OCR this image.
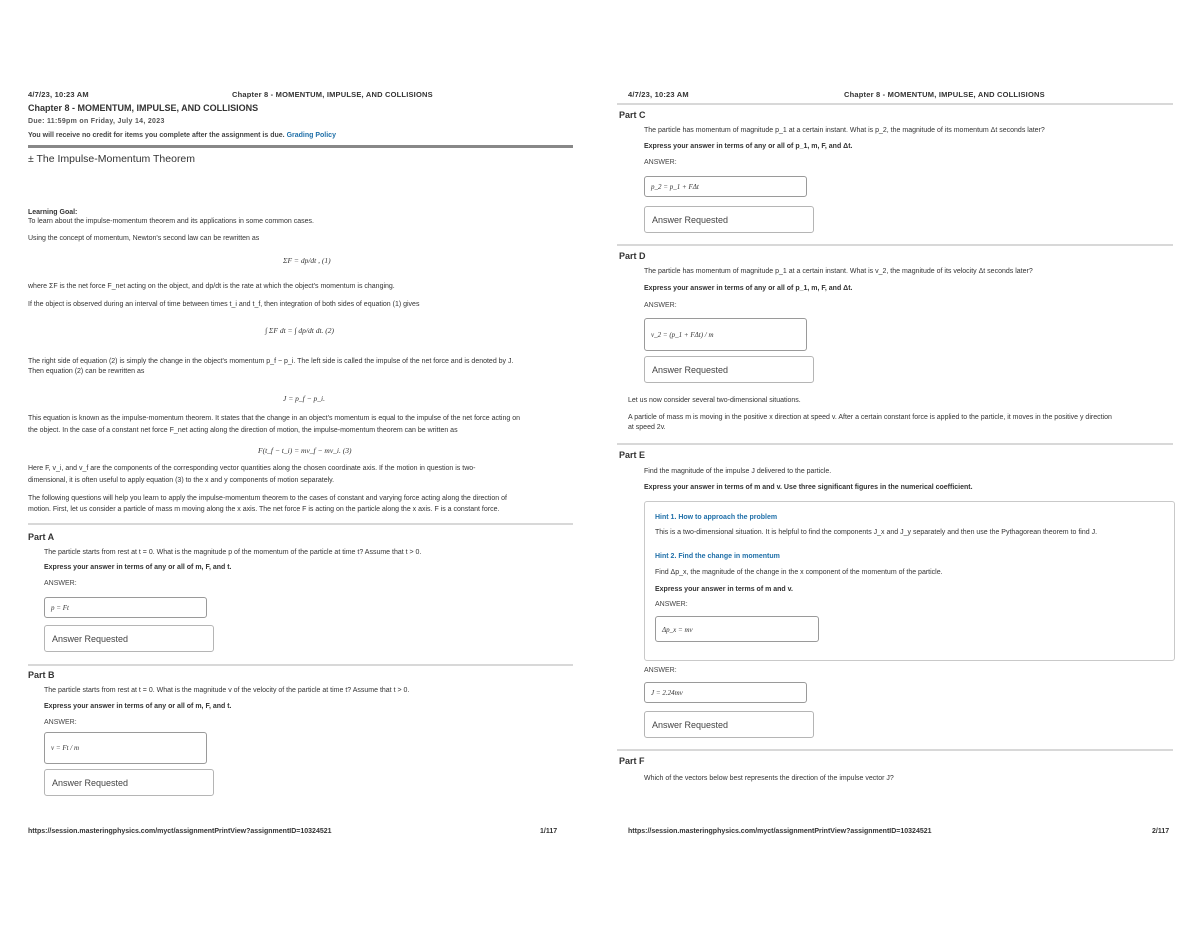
4/7/23, 10:23 AM	Chapter 8 - MOMENTUM, IMPULSE, AND COLLISIONS
Chapter 8 - MOMENTUM, IMPULSE, AND COLLISIONS
Due: 11:59pm on Friday, July 14, 2023
You will receive no credit for items you complete after the assignment is due. Grading Policy
± The Impulse-Momentum Theorem
Learning Goal:
To learn about the impulse-momentum theorem and its applications in some common cases.
Using the concept of momentum, Newton's second law can be rewritten as
ΣF = dp/dt , (1)
where ΣF is the net force F_net acting on the object, and dp/dt is the rate at which the object's momentum is changing.
If the object is observed during an interval of time between times t_i and t_f, then integration of both sides of equation (1) gives
∫ ΣF dt = ∫ dp/dt dt. (2)
The right side of equation (2) is simply the change in the object's momentum p_f − p_i. The left side is called the impulse of the net force and is denoted by J.
Then equation (2) can be rewritten as
J = p_f − p_i.
This equation is known as the impulse-momentum theorem. It states that the change in an object's momentum is equal to the impulse of the net force acting on
the object. In the case of a constant net force F_net acting along the direction of motion, the impulse-momentum theorem can be written as
F(t_f − t_i) = mv_f − mv_i. (3)
Here F, v_i, and v_f are the components of the corresponding vector quantities along the chosen coordinate axis. If the motion in question is two-
dimensional, it is often useful to apply equation (3) to the x and y components of motion separately.
The following questions will help you learn to apply the impulse-momentum theorem to the cases of constant and varying force acting along the direction of
motion. First, let us consider a particle of mass m moving along the x axis. The net force F is acting on the particle along the x axis. F is a constant force.
Part A
The particle starts from rest at t = 0. What is the magnitude p of the momentum of the particle at time t? Assume that t > 0.
Express your answer in terms of any or all of m, F, and t.
ANSWER:
p = Ft
Answer Requested
Part B
The particle starts from rest at t = 0. What is the magnitude v of the velocity of the particle at time t? Assume that t > 0.
Express your answer in terms of any or all of m, F, and t.
ANSWER:
v = Ft / m
Answer Requested
https://session.masteringphysics.com/myct/assignmentPrintView?assignmentID=10324521	1/117
4/7/23, 10:23 AM	Chapter 8 - MOMENTUM, IMPULSE, AND COLLISIONS
Part C
The particle has momentum of magnitude p_1 at a certain instant. What is p_2, the magnitude of its momentum Δt seconds later?
Express your answer in terms of any or all of p_1, m, F, and Δt.
ANSWER:
p_2 = p_1 + FΔt
Answer Requested
Part D
The particle has momentum of magnitude p_1 at a certain instant. What is v_2, the magnitude of its velocity Δt seconds later?
Express your answer in terms of any or all of p_1, m, F, and Δt.
ANSWER:
v_2 = (p_1 + FΔt) / m
Answer Requested
Let us now consider several two-dimensional situations.
A particle of mass m is moving in the positive x direction at speed v. After a certain constant force is applied to the particle, it moves in the positive y direction
at speed 2v.
Part E
Find the magnitude of the impulse J delivered to the particle.
Express your answer in terms of m and v. Use three significant figures in the numerical coefficient.
Hint 1. How to approach the problem
This is a two-dimensional situation. It is helpful to find the components J_x and J_y separately and then use the Pythagorean theorem to find J.
Hint 2. Find the change in momentum
Find Δp_x, the magnitude of the change in the x component of the momentum of the particle.
Express your answer in terms of m and v.
ANSWER:
Δp_x = mv
ANSWER:
J = 2.24mv
Answer Requested
Part F
Which of the vectors below best represents the direction of the impulse vector J?
https://session.masteringphysics.com/myct/assignmentPrintView?assignmentID=10324521	2/117
